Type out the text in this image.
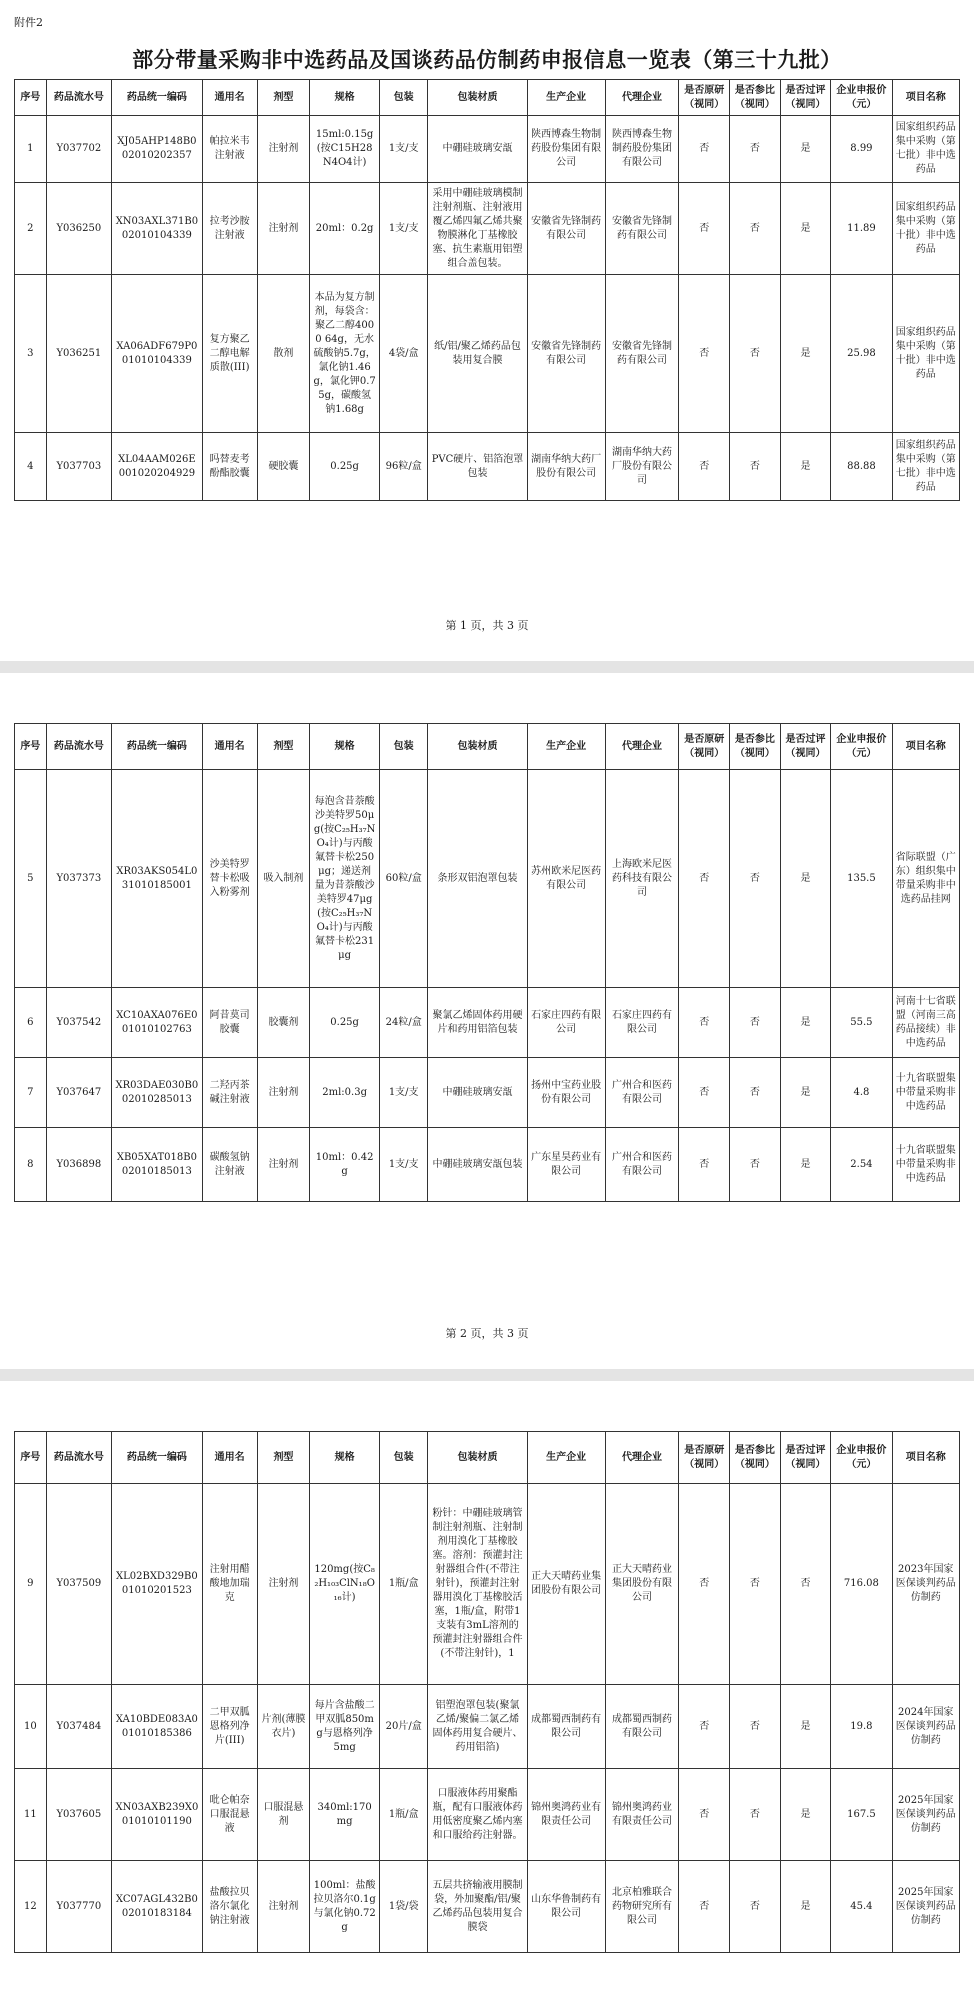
附件2
部分带量采购非中选药品及国谈药品仿制药申报信息一览表（第三十九批）
序号	药品流水号	药品统一编码	通用名	剂型	规格	包装	包装材质	生产企业	代理企业	是否原研（视同）	是否参比（视同）	是否过评（视同）	企业申报价（元）	项目名称
1	Y037702	XJ05AHP148B002010202357	帕拉米韦注射液	注射剂	15ml:0.15g(按C15H28N4O4计)	1支/支	中硼硅玻璃安瓿	陕西博森生物制药股份集团有限公司	陕西博森生物制药股份集团有限公司	否	否	是	8.99	国家组织药品集中采购（第七批）非中选药品
2	Y036250	XN03AXL371B002010104339	拉考沙胺注射液	注射剂	20ml：0.2g	1支/支	采用中硼硅玻璃模制注射剂瓶、注射液用覆乙烯四氟乙烯共聚物膜淋化丁基橡胶塞、抗生素瓶用铝塑组合盖包装。	安徽省先锋制药有限公司	安徽省先锋制药有限公司	否	否	是	11.89	国家组织药品集中采购（第十批）非中选药品
3	Y036251	XA06ADF679P001010104339	复方聚乙二醇电解质散(III)	散剂	本品为复方制剂，每袋含：聚乙二醇4000 64g，无水硫酸钠5.7g，氯化钠1.46g，氯化钾0.75g，碳酸氢钠1.68g	4袋/盒	纸/铝/聚乙烯药品包装用复合膜	安徽省先锋制药有限公司	安徽省先锋制药有限公司	否	否	是	25.98	国家组织药品集中采购（第十批）非中选药品
4	Y037703	XL04AAM026E001020204929	吗替麦考酚酯胶囊	硬胶囊	0.25g	96粒/盒	PVC硬片、铝箔泡罩包装	湖南华纳大药厂股份有限公司	湖南华纳大药厂股份有限公司	否	否	是	88.88	国家组织药品集中采购（第七批）非中选药品
第 1 页，共 3 页
序号	药品流水号	药品统一编码	通用名	剂型	规格	包装	包装材质	生产企业	代理企业	是否原研（视同）	是否参比（视同）	是否过评（视同）	企业申报价（元）	项目名称
5	Y037373	XR03AKS054L031010185001	沙美特罗替卡松吸入粉雾剂	吸入制剂	每泡含昔萘酸沙美特罗50μg(按C₂₅H₃₇NO₄计)与丙酸氟替卡松250μg；递送剂量为昔萘酸沙美特罗47μg(按C₂₅H₃₇NO₄计)与丙酸氟替卡松231μg	60粒/盒	条形双铝泡罩包装	苏州欧米尼医药有限公司	上海欧米尼医药科技有限公司	否	否	是	135.5	省际联盟（广东）组织集中带量采购非中选药品挂网
6	Y037542	XC10AXA076E001010102763	阿昔莫司胶囊	胶囊剂	0.25g	24粒/盒	聚氯乙烯固体药用硬片和药用铝箔包装	石家庄四药有限公司	石家庄四药有限公司	否	否	是	55.5	河南十七省联盟（河南三高药品接续）非中选药品
7	Y037647	XR03DAE030B002010285013	二羟丙茶碱注射液	注射剂	2ml:0.3g	1支/支	中硼硅玻璃安瓿	扬州中宝药业股份有限公司	广州合和医药有限公司	否	否	是	4.8	十九省联盟集中带量采购非中选药品
8	Y036898	XB05XAT018B002010185013	碳酸氢钠注射液	注射剂	10ml：0.42g	1支/支	中硼硅玻璃安瓿包装	广东星昊药业有限公司	广州合和医药有限公司	否	否	是	2.54	十九省联盟集中带量采购非中选药品
第 2 页，共 3 页
序号	药品流水号	药品统一编码	通用名	剂型	规格	包装	包装材质	生产企业	代理企业	是否原研（视同）	是否参比（视同）	是否过评（视同）	企业申报价（元）	项目名称
9	Y037509	XL02BXD329B001010201523	注射用醋酸地加瑞克	注射剂	120mg(按C₈₂H₁₀₃ClN₁₈O₁₆计)	1瓶/盒	粉针：中硼硅玻璃管制注射剂瓶、注射制剂用溴化丁基橡胶塞。溶剂：预灌封注射器组合件(不带注射针)，预灌封注射器用溴化丁基橡胶活塞，1瓶/盒，附带1支装有3mL溶剂的预灌封注射器组合件(不带注射针)，1	正大天晴药业集团股份有限公司	正大天晴药业集团股份有限公司	否	否	否	716.08	2023年国家医保谈判药品仿制药
10	Y037484	XA10BDE083A001010185386	二甲双胍恩格列净片(III)	片剂(薄膜衣片)	每片含盐酸二甲双胍850mg与恩格列净5mg	20片/盒	铝塑泡罩包装(聚氯乙烯/聚偏二氯乙烯固体药用复合硬片、药用铝箔)	成都蜀西制药有限公司	成都蜀西制药有限公司	否	否	是	19.8	2024年国家医保谈判药品仿制药
11	Y037605	XN03AXB239X001010101190	吡仑帕奈口服混悬液	口服混悬剂	340ml:170mg	1瓶/盒	口服液体药用聚酯瓶，配有口服液体药用低密度聚乙烯内塞和口服给药注射器。	锦州奥鸿药业有限责任公司	锦州奥鸿药业有限责任公司	否	否	是	167.5	2025年国家医保谈判药品仿制药
12	Y037770	XC07AGL432B002010183184	盐酸拉贝洛尔氯化钠注射液	注射剂	100ml：盐酸拉贝洛尔0.1g与氯化钠0.72g	1袋/袋	五层共挤输液用膜制袋，外加聚酯/铝/聚乙烯药品包装用复合膜袋	山东华鲁制药有限公司	北京柏雅联合药物研究所有限公司	否	否	是	45.4	2025年国家医保谈判药品仿制药
